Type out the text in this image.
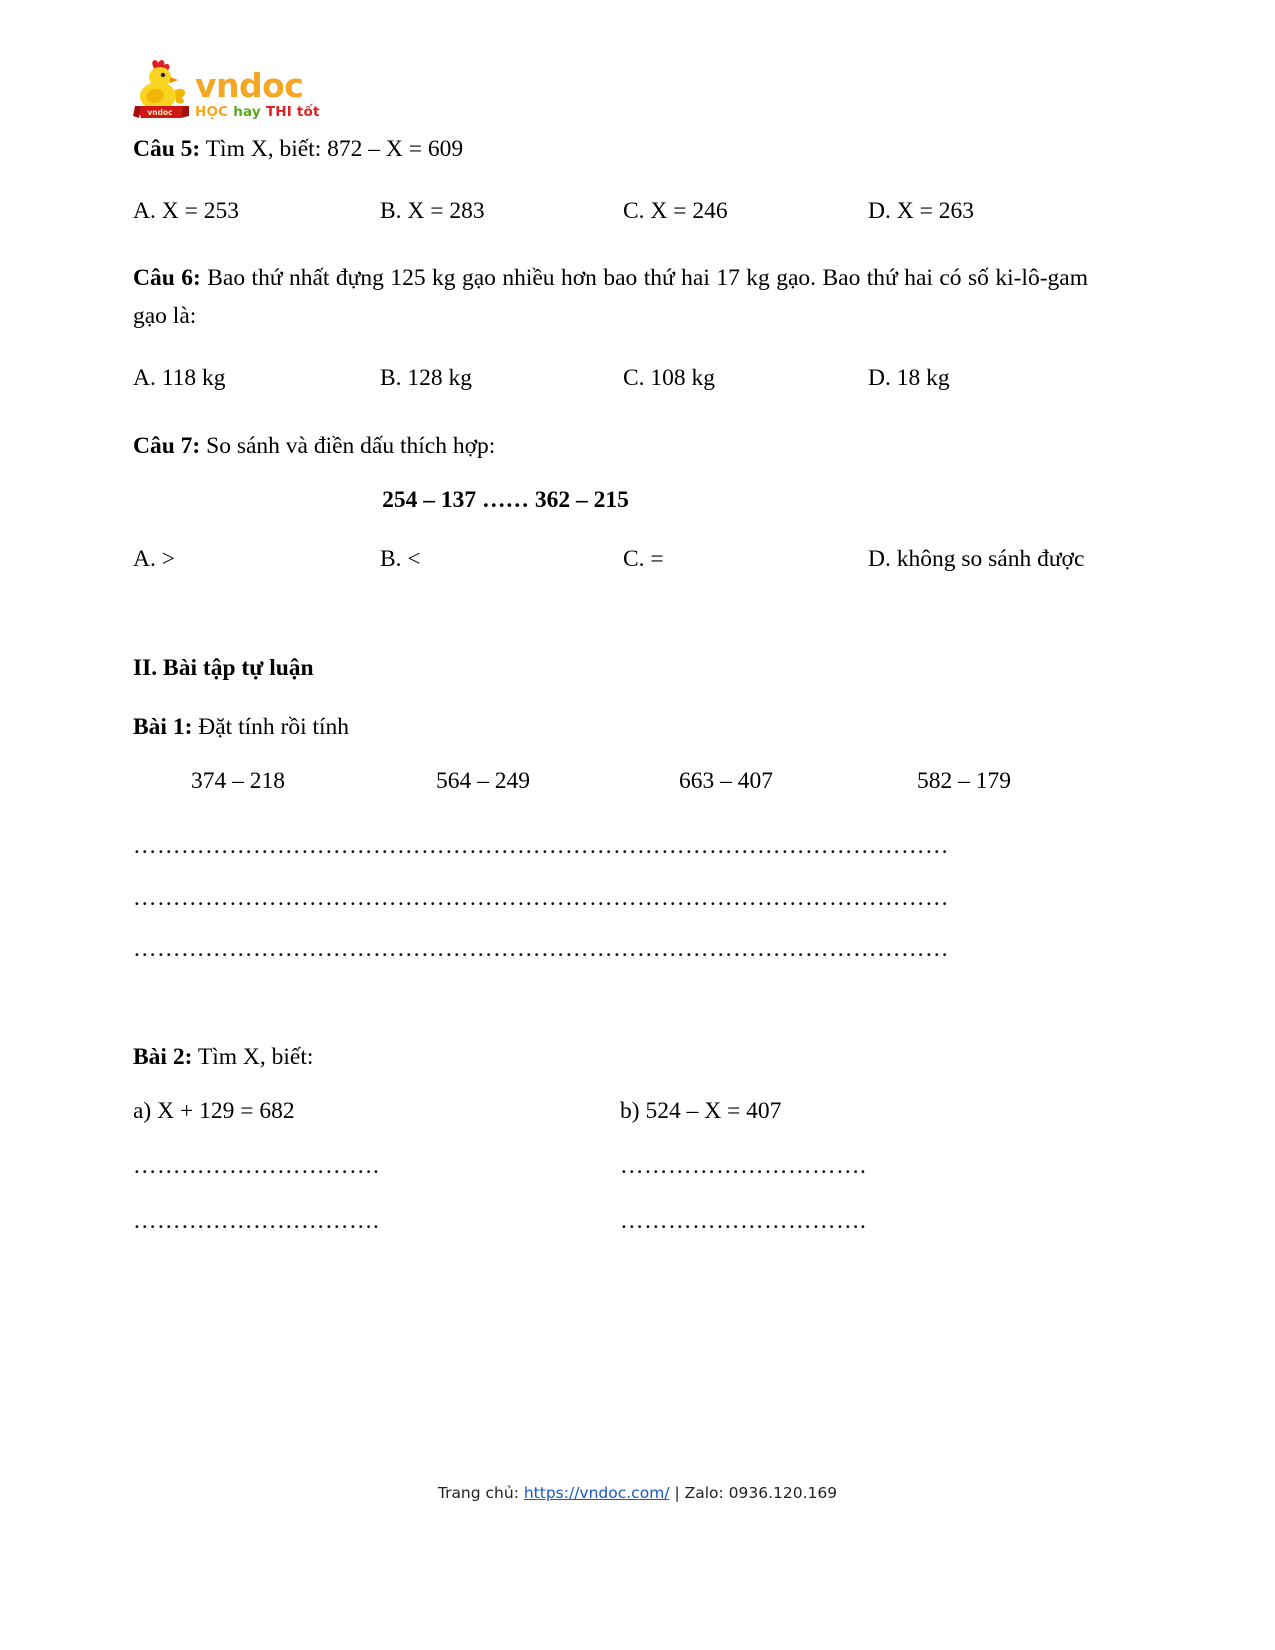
vndoc
vndoc
HỌC hay THI tốt

Câu 5: Tìm X, biết: 872 – X = 609

A. X = 253	B. X = 283	C. X = 246	D. X = 263

Câu 6: Bao thứ nhất đựng 125 kg gạo nhiều hơn bao thứ hai 17 kg gạo. Bao thứ hai có số ki-lô-gam gạo là:

A. 118 kg	B. 128 kg	C. 108 kg	D. 18 kg

Câu 7: So sánh và điền dấu thích hợp:

254 – 137 …… 362 – 215

A. >	B. <	C. =	D. không so sánh được

II. Bài tập tự luận

Bài 1: Đặt tính rồi tính

374 – 218	564 – 249	663 – 407	582 – 179
…………………………………………………………………………………………
…………………………………………………………………………………………
…………………………………………………………………………………………

Bài 2: Tìm X, biết:

a) X + 129 = 682	b) 524 – X = 407
………………………….	………………………….
………………………….	………………………….
Trang chủ: https://vndoc.com/ | Zalo: 0936.120.169
